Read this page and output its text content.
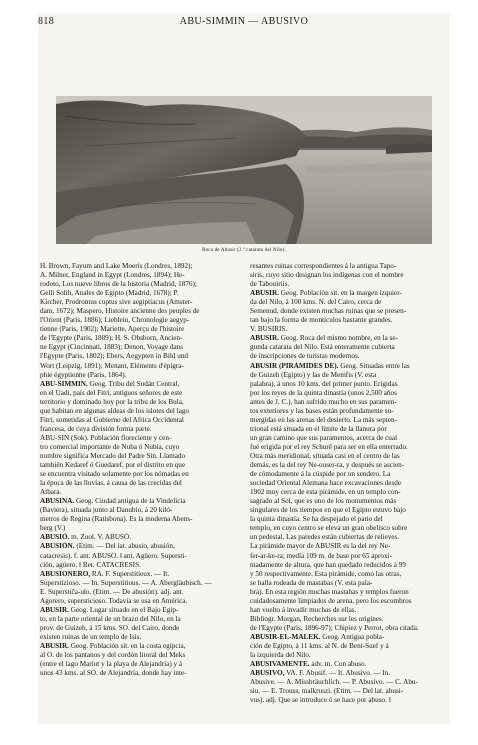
818	ABU-SIMMIN — ABUSIVO
Roca de Abusir (2.ª catarata del Nilo).
H. Brown, Fayum and Lake Moeris (Londres, 1892);
A. Milner, England in Egypt (Londres, 1894); He-
rodoto, Los nueve libros de la historia (Madrid, 1876);
Gelli Solih, Anales de Egipto (Madrid, 1678); P.
Kircher, Prodromus coptus sive aegiptiacus (Amster-
dam, 1672); Maspero, Histoire ancienne des peuples de
l'Orient (Paris, 1886); Lieblein, Chronologie aegyp-
tienne (Paris, 1902); Mariette, Aperçu de l'histoire
de l'Egypte (Paris, 1889); H. S. Obsborn, Ancien-
ne Egypt (Cincinnati, 1883); Denon, Voyage dans
l'Egypte (Paris, 1802); Ebers, Aegypten in Bild und
Wort (Leipzig, 1891); Menant, Eléments d'épigra-
phie égyptienne (Paris, 1864).
ABU-SIMMIN. Geog. Tribu del Sudán Central,
en el Uadi, país del Fitri, antiguos señores de este
territorio y dominado hoy por la tribu de los Bula,
que habitan en algunas aldeas de los islotes del lago
Fitri, sometidas al Gobierno del Africa Occidental
francesa, de cuya división forma parte.
ABU-SIN (Sok). Población floreciente y cen-
tro comercial importante de Nuba ó Nubia, cuyo
nombre significa Mercado del Padre Sin. Llamado
también Kedaref ó Guedaref, por el distrito en que
se encuentra visitado solamente por los nómadas en
la época de las lluvias, á causa de las crecidas del
Atbara.
ABUSINA. Geog. Ciudad antigua de la Vindelicia
(Baviera), situada junto al Danubio, á 20 kiló-
metros de Regina (Ratisbona). Es la moderna Abens-
berg (V.)
ABUSIÓ. m. Zool. V. ABUSÓ.
ABUSIÓN. (Etim. — Del lat. abusio, abusión,
catacresis). f. ant. ABUSO. ǁ ant. Agüero. Supersti-
ción, agüero. ǁ Ret. CATACRESIS.
ABUSIONERO, RA. F. Superstitieux. — It.
Superstizioso. — In. Superstitious. — A. Abergläubisch. —
E. Superstiĉa-ulo. (Etim. — De abusión). adj. ant.
Agorero, supersticioso. Todavía se usa en América.
ABUSIR. Geog. Lugar situado en el Bajo Egip-
to, en la parte oriental de un brazo del Nilo, en la
prov. de Guizeh, á 15 kms. SO. del Cairo, donde
existen ruinas de un templo de Isis.
ABUSIR. Geog. Población sit. en la costa egipcia,
al O. de los pantanos y del cordón litoral del Meks
(entre el lago Mariut y la playa de Alejandría) y á
unos 43 kms. al SO. de Alejandría, donde hay inte-
resantes ruinas correspondientes á la antigua Tapo-
siris, cuyo sitio designan los indígenas con el nombre
de Tabouiriis.
ABUSIR. Geog. Población sit. en la margen izquier-
da del Nilo, á 100 kms. N. del Cairo, cerca de
Semenud, donde existen muchas ruinas que se presen-
tan bajo la forma de montículos bastante grandes.
V. BUSIRIS.
ABUSIR. Geog. Roca del mismo nombre, en la se-
gunda catarata del Nilo. Está enteramente cubierta
de inscripciones de turistas modernos.
ABUSIR (PIRÁMIDES DE). Geog. Situadas entre las
de Guizeh (Egipto) y las de Memfis (V. esta
palabra), á unos 10 kms. del primer punto. Erigidas
por los reyes de la quinta dinastía (unos 2,500 años
antes de J. C.), han sufrido mucho en sus paramen-
tos exteriores y las bases están profundamente su-
mergidas en las arenas del desierto. La más septen-
trional está situada en el límite de la llanura por
un gran camino que sus paramentos, acerca de cual
fué erigida por el rey Schurê para ser en ella enterrado.
Otra más meridional, situada casi en el centro de las
demás, es la del rey Ne-ouser-ra, y después se ascien-
de cómodamente á la cúspide por un sendero. La
sociedad Oriental Alemana hace excavaciones desde
1902 muy cerca de esta pirámide, en un templo con-
sagrado al Sol, que es uno de los monumentos más
singulares de los tiempos en que el Egipto estuvo bajo
la quinta dinastía. Se ha despejado el patio del
templo, en cuyo centro se eleva un gran obelisco sobre
un pedestal. Las paredes están cubiertas de relieves.
La pirámide mayor de ABUSIR es la del rey Ne-
fer-ar-ke-ra; medía 109 m. de base por 65 aproxi-
madamente de altura, que han quedado reducidos á 99
y 50 respectivamente. Esta pirámide, como las otras,
se halla rodeada de mastabas (V. esta pala-
bra). En esta región muchas mastabas y templos fueron
cuidadosamente limpiados de arena, pero los escombros
han vuelto á invadir muchas de ellas.
Bibliogr. Morgan, Recherches sur les origines
de l'Egypte (Paris, 1896-97); Chipiez y Perrot, obra citada.
ABUSIR-EL-MALEK. Geog. Antigua pobla-
ción de Egipto, á 11 kms. al N. de Beni-Suef y á
la izquierda del Nilo.
ABUSIVAMENTE. adv. m. Con abuso.
ABUSIVO, VA. F. Abusif. — It. Abusivo. — In.
Abusive. — A. Missbräuchlich. — P. Abusivo. — C. Abu-
siu. — E. Trouss, malkruszi. (Etim. — Del lat. abusi-
vus). adj. Que se introduce ó se hace por abuso. ǁ
